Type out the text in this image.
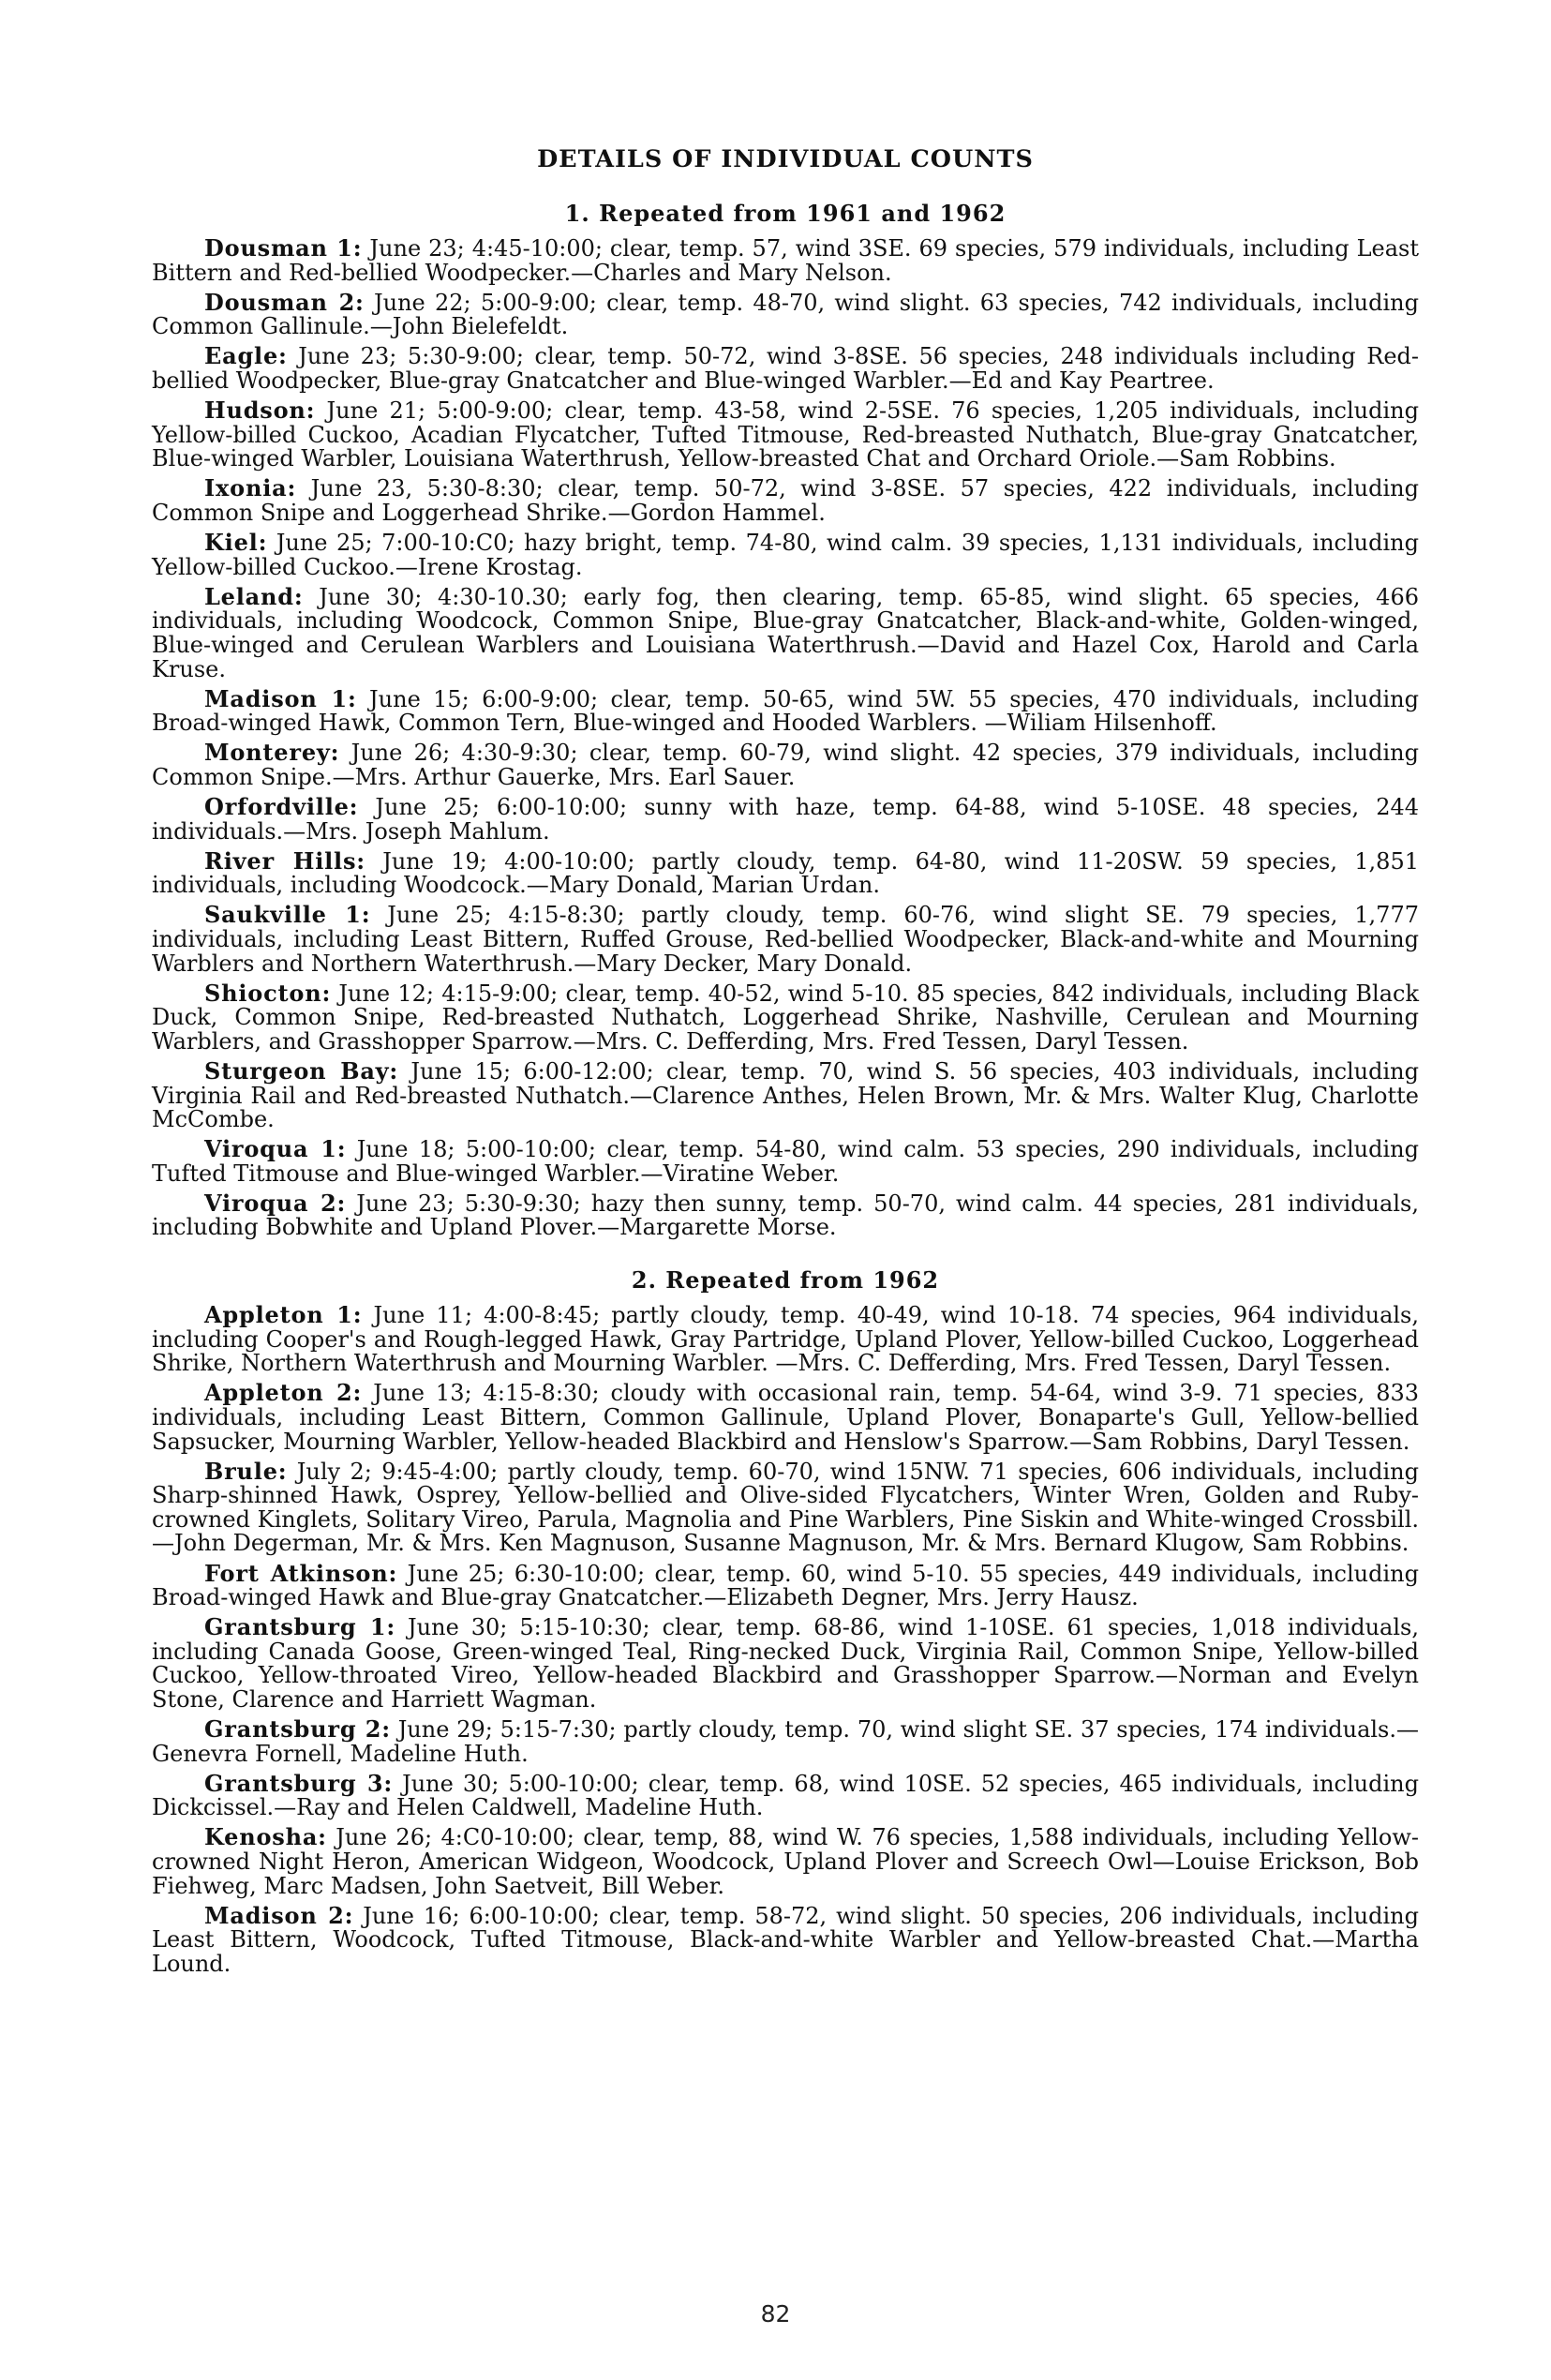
DETAILS OF INDIVIDUAL COUNTS
1. Repeated from 1961 and 1962

Dousman 1: June 23; 4:45-10:00; clear, temp. 57, wind 3SE. 69 species, 579 individuals, including Least Bittern and Red-bellied Woodpecker.—Charles and Mary Nelson.

Dousman 2: June 22; 5:00-9:00; clear, temp. 48-70, wind slight. 63 species, 742 individuals, including Common Gallinule.—John Bielefeldt.

Eagle: June 23; 5:30-9:00; clear, temp. 50-72, wind 3-8SE. 56 species, 248 individuals including Red-bellied Woodpecker, Blue-gray Gnatcatcher and Blue-winged Warbler.—Ed and Kay Peartree.

Hudson: June 21; 5:00-9:00; clear, temp. 43-58, wind 2-5SE. 76 species, 1,205 individuals, including Yellow-billed Cuckoo, Acadian Flycatcher, Tufted Titmouse, Red-breasted Nuthatch, Blue-gray Gnatcatcher, Blue-winged Warbler, Louisiana Waterthrush, Yellow-breasted Chat and Orchard Oriole.—Sam Robbins.

Ixonia: June 23, 5:30-8:30; clear, temp. 50-72, wind 3-8SE. 57 species, 422 individuals, including Common Snipe and Loggerhead Shrike.—Gordon Hammel.

Kiel: June 25; 7:00-10:C0; hazy bright, temp. 74-80, wind calm. 39 species, 1,131 individuals, including Yellow-billed Cuckoo.—Irene Krostag.

Leland: June 30; 4:30-10.30; early fog, then clearing, temp. 65-85, wind slight. 65 species, 466 individuals, including Woodcock, Common Snipe, Blue-gray Gnatcatcher, Black-and-white, Golden-winged, Blue-winged and Cerulean Warblers and Louisiana Waterthrush.—David and Hazel Cox, Harold and Carla Kruse.

Madison 1: June 15; 6:00-9:00; clear, temp. 50-65, wind 5W. 55 species, 470 individuals, including Broad-winged Hawk, Common Tern, Blue-winged and Hooded Warblers. —Wiliam Hilsenhoff.

Monterey: June 26; 4:30-9:30; clear, temp. 60-79, wind slight. 42 species, 379 individuals, including Common Snipe.—Mrs. Arthur Gauerke, Mrs. Earl Sauer.

Orfordville: June 25; 6:00-10:00; sunny with haze, temp. 64-88, wind 5-10SE. 48 species, 244 individuals.—Mrs. Joseph Mahlum.

River Hills: June 19; 4:00-10:00; partly cloudy, temp. 64-80, wind 11-20SW. 59 species, 1,851 individuals, including Woodcock.—Mary Donald, Marian Urdan.

Saukville 1: June 25; 4:15-8:30; partly cloudy, temp. 60-76, wind slight SE. 79 species, 1,777 individuals, including Least Bittern, Ruffed Grouse, Red-bellied Woodpecker, Black-and-white and Mourning Warblers and Northern Waterthrush.—Mary Decker, Mary Donald.

Shiocton: June 12; 4:15-9:00; clear, temp. 40-52, wind 5-10. 85 species, 842 individuals, including Black Duck, Common Snipe, Red-breasted Nuthatch, Loggerhead Shrike, Nashville, Cerulean and Mourning Warblers, and Grasshopper Sparrow.—Mrs. C. Defferding, Mrs. Fred Tessen, Daryl Tessen.

Sturgeon Bay: June 15; 6:00-12:00; clear, temp. 70, wind S. 56 species, 403 individuals, including Virginia Rail and Red-breasted Nuthatch.—Clarence Anthes, Helen Brown, Mr. & Mrs. Walter Klug, Charlotte McCombe.

Viroqua 1: June 18; 5:00-10:00; clear, temp. 54-80, wind calm. 53 species, 290 individuals, including Tufted Titmouse and Blue-winged Warbler.—Viratine Weber.

Viroqua 2: June 23; 5:30-9:30; hazy then sunny, temp. 50-70, wind calm. 44 species, 281 individuals, including Bobwhite and Upland Plover.—Margarette Morse.

2. Repeated from 1962

Appleton 1: June 11; 4:00-8:45; partly cloudy, temp. 40-49, wind 10-18. 74 species, 964 individuals, including Cooper's and Rough-legged Hawk, Gray Partridge, Upland Plover, Yellow-billed Cuckoo, Loggerhead Shrike, Northern Waterthrush and Mourning Warbler. —Mrs. C. Defferding, Mrs. Fred Tessen, Daryl Tessen.

Appleton 2: June 13; 4:15-8:30; cloudy with occasional rain, temp. 54-64, wind 3-9. 71 species, 833 individuals, including Least Bittern, Common Gallinule, Upland Plover, Bonaparte's Gull, Yellow-bellied Sapsucker, Mourning Warbler, Yellow-headed Blackbird and Henslow's Sparrow.—Sam Robbins, Daryl Tessen.

Brule: July 2; 9:45-4:00; partly cloudy, temp. 60-70, wind 15NW. 71 species, 606 individuals, including Sharp-shinned Hawk, Osprey, Yellow-bellied and Olive-sided Flycatchers, Winter Wren, Golden and Ruby-crowned Kinglets, Solitary Vireo, Parula, Magnolia and Pine Warblers, Pine Siskin and White-winged Crossbill.—John Degerman, Mr. & Mrs. Ken Magnuson, Susanne Magnuson, Mr. & Mrs. Bernard Klugow, Sam Robbins.

Fort Atkinson: June 25; 6:30-10:00; clear, temp. 60, wind 5-10. 55 species, 449 individuals, including Broad-winged Hawk and Blue-gray Gnatcatcher.—Elizabeth Degner, Mrs. Jerry Hausz.

Grantsburg 1: June 30; 5:15-10:30; clear, temp. 68-86, wind 1-10SE. 61 species, 1,018 individuals, including Canada Goose, Green-winged Teal, Ring-necked Duck, Virginia Rail, Common Snipe, Yellow-billed Cuckoo, Yellow-throated Vireo, Yellow-headed Blackbird and Grasshopper Sparrow.—Norman and Evelyn Stone, Clarence and Harriett Wagman.

Grantsburg 2: June 29; 5:15-7:30; partly cloudy, temp. 70, wind slight SE. 37 species, 174 individuals.—Genevra Fornell, Madeline Huth.

Grantsburg 3: June 30; 5:00-10:00; clear, temp. 68, wind 10SE. 52 species, 465 individuals, including Dickcissel.—Ray and Helen Caldwell, Madeline Huth.

Kenosha: June 26; 4:C0-10:00; clear, temp, 88, wind W. 76 species, 1,588 individuals, including Yellow-crowned Night Heron, American Widgeon, Woodcock, Upland Plover and Screech Owl—Louise Erickson, Bob Fiehweg, Marc Madsen, John Saetveit, Bill Weber.

Madison 2: June 16; 6:00-10:00; clear, temp. 58-72, wind slight. 50 species, 206 individuals, including Least Bittern, Woodcock, Tufted Titmouse, Black-and-white Warbler and Yellow-breasted Chat.—Martha Lound.

82
